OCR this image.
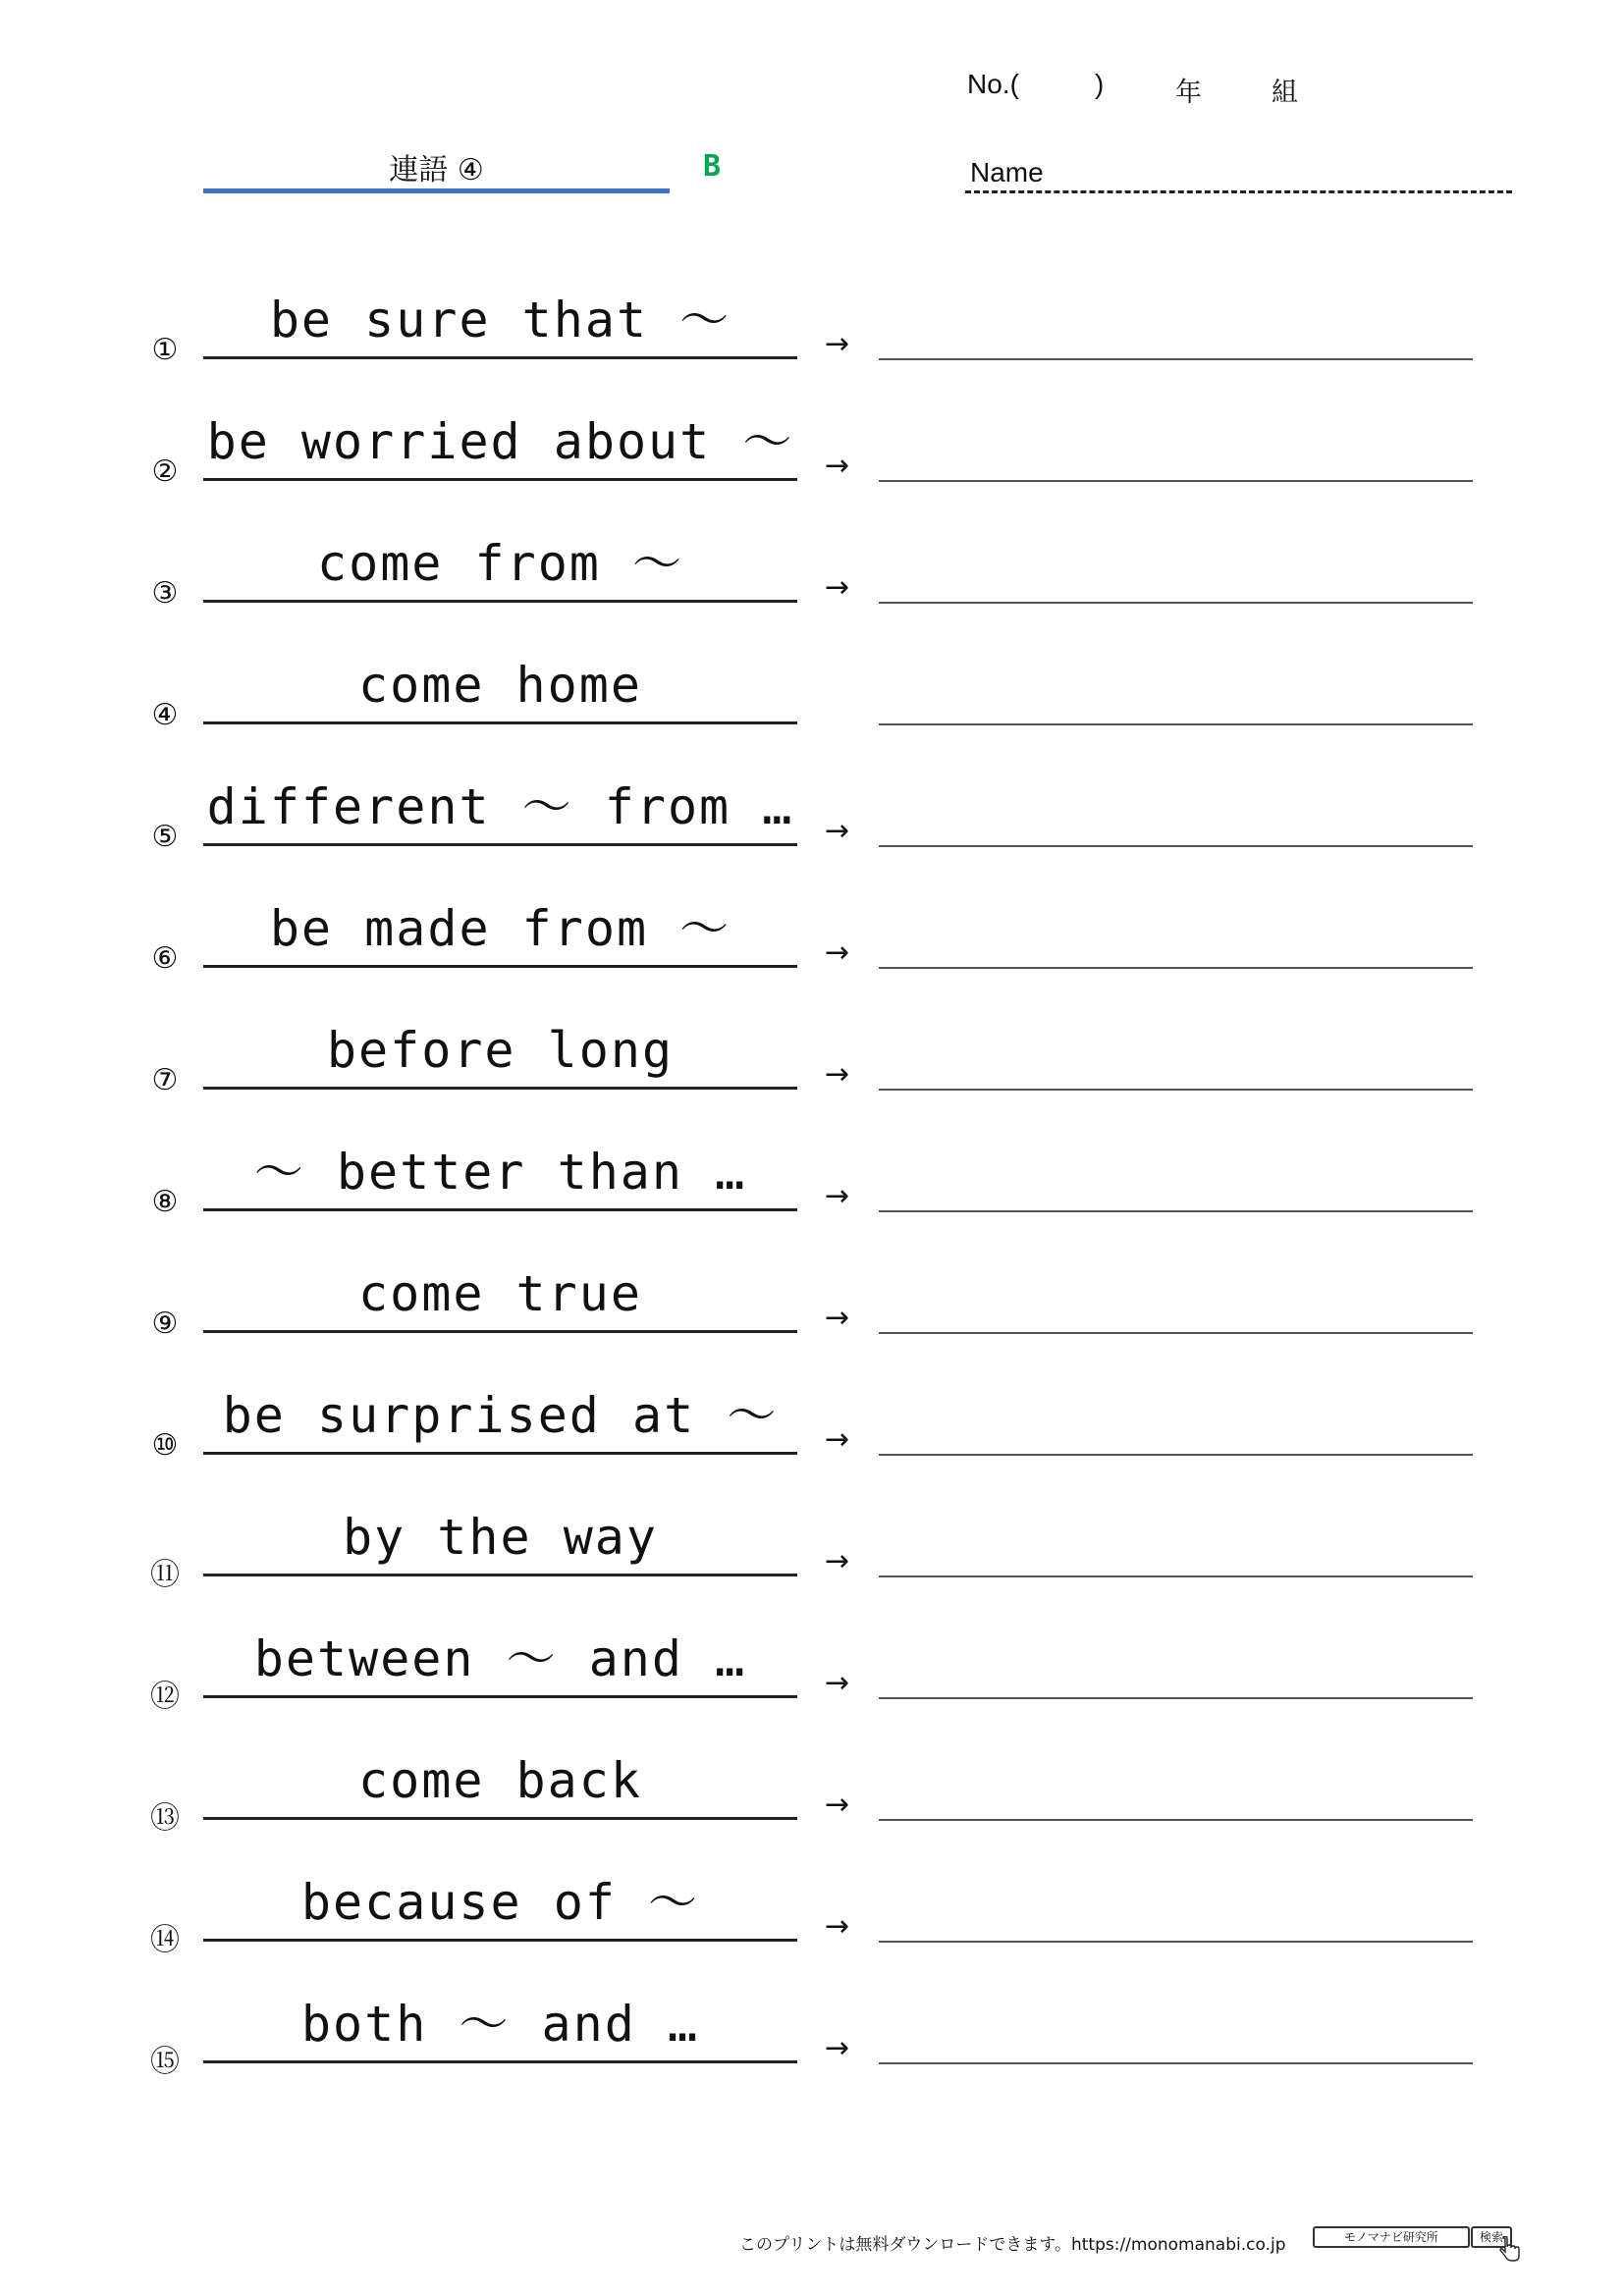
No.(	)	年	組
連語 ④	B	Name
①
be sure that ～	→
②
be worried about ～ →
③
come from ～	→
④
come home
⑤
different ～ from … →
⑥
be made from ～	→
⑦
before long	→
⑧
～ better than …	→
⑨
come true	→
⑩
be surprised at ～	→
⑪
by the way	→
⑫
between ～ and …	→
⑬
come back	→
⑭
because of ～	→
⑮
both ～ and …	→
このプリントは無料ダウンロードできます。https://monomanabi.co.jp	モノマナビ研究所	検索
